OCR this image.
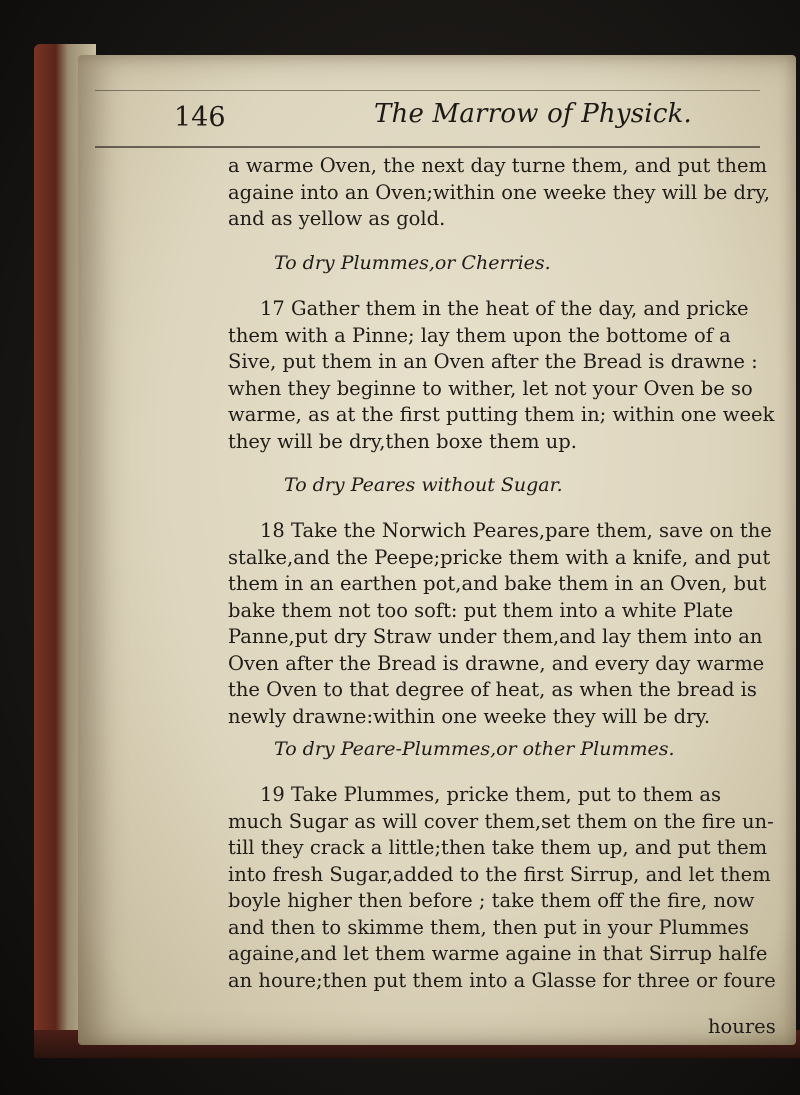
146	The Marrow of Physick.
a warme Oven, the next day turne them, and put them
againe into an Oven;within one weeke they will be dry,
and as yellow as gold.
To dry Plummes,or Cherries.
17 Gather them in the heat of the day, and pricke
them with a Pinne; lay them upon the bottome of a
Sive, put them in an Oven after the Bread is drawne :
when they beginne to wither, let not your Oven be so
warme, as at the first putting them in; within one week
they will be dry,then boxe them up.
To dry Peares without Sugar.
18 Take the Norwich Peares,pare them, save on the
stalke,and the Peepe;pricke them with a knife, and put
them in an earthen pot,and bake them in an Oven, but
bake them not too soft: put them into a white Plate
Panne,put dry Straw under them,and lay them into an
Oven after the Bread is drawne, and every day warme
the Oven to that degree of heat, as when the bread is
newly drawne:within one weeke they will be dry.
To dry Peare-Plummes,or other Plummes.
19 Take Plummes, pricke them, put to them as
much Sugar as will cover them,set them on the fire un-
till they crack a little;then take them up, and put them
into fresh Sugar,added to the first Sirrup, and let them
boyle higher then before ; take them off the fire, now
and then to skimme them, then put in your Plummes
againe,and let them warme againe in that Sirrup halfe
an houre;then put them into a Glasse for three or foure
houres
